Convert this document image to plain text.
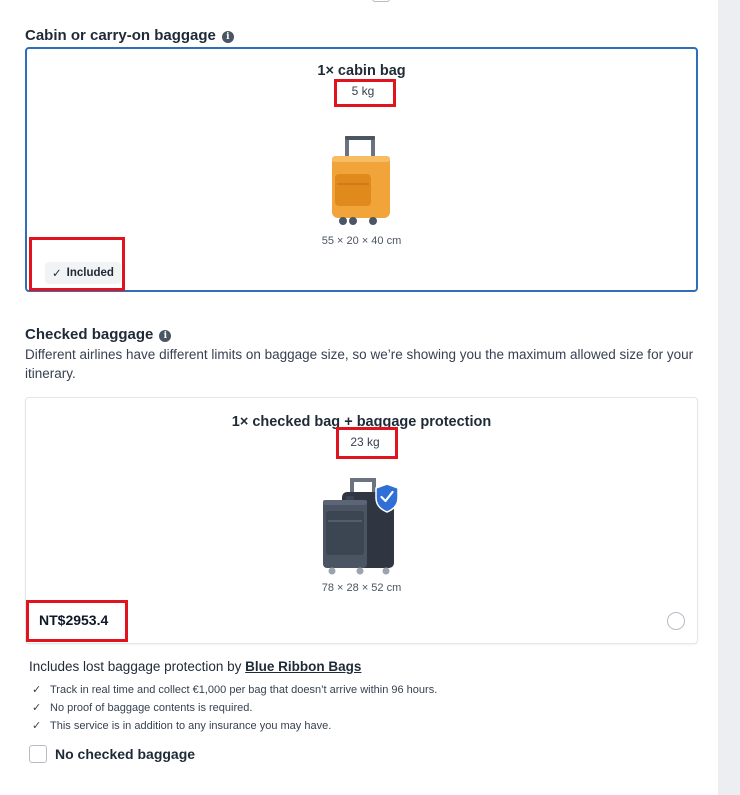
Cabin or carry-on baggage	i
1× cabin bag
5 kg
55 × 20 × 40 cm
✓ Included
Checked baggage	i
Different airlines have different limits on baggage size, so we’re showing you the maximum allowed size for your itinerary.
1× checked bag + baggage protection
23 kg
78 × 28 × 52 cm
NT$2953.4
Includes lost baggage protection by Blue Ribbon Bags
✓ Track in real time and collect €1,000 per bag that doesn’t arrive within 96 hours.
✓ No proof of baggage contents is required.
✓ This service is in addition to any insurance you may have.
No checked baggage
